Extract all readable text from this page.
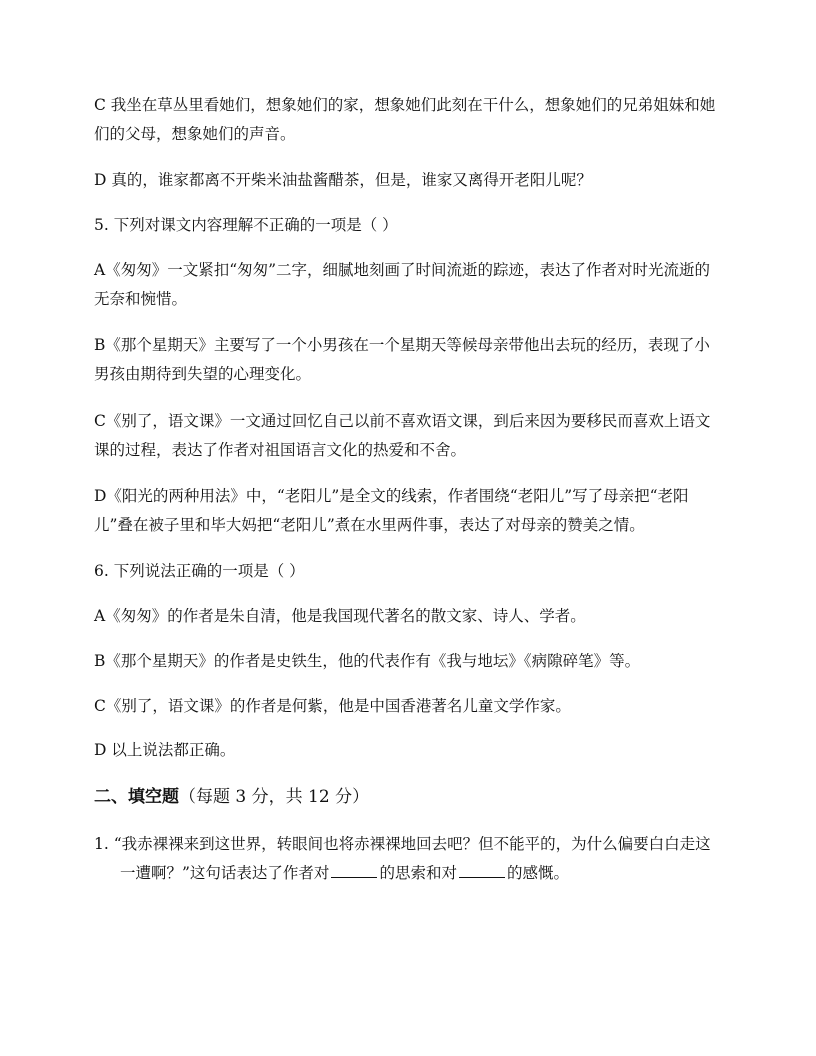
C 我坐在草丛里看她们，想象她们的家，想象她们此刻在干什么，想象她们的兄弟姐妹和她们的父母，想象她们的声音。

D 真的，谁家都离不开柴米油盐酱醋茶，但是，谁家又离得开老阳儿呢？

5. 下列对课文内容理解不正确的一项是（ ）

A《匆匆》一文紧扣“匆匆”二字，细腻地刻画了时间流逝的踪迹，表达了作者对时光流逝的无奈和惋惜。

B《那个星期天》主要写了一个小男孩在一个星期天等候母亲带他出去玩的经历，表现了小男孩由期待到失望的心理变化。

C《别了，语文课》一文通过回忆自己以前不喜欢语文课，到后来因为要移民而喜欢上语文课的过程，表达了作者对祖国语言文化的热爱和不舍。

D《阳光的两种用法》中，“老阳儿”是全文的线索，作者围绕“老阳儿”写了母亲把“老阳儿”叠在被子里和毕大妈把“老阳儿”煮在水里两件事，表达了对母亲的赞美之情。

6. 下列说法正确的一项是（ ）

A《匆匆》的作者是朱自清，他是我国现代著名的散文家、诗人、学者。

B《那个星期天》的作者是史铁生，他的代表作有《我与地坛》《病隙碎笔》等。

C《别了，语文课》的作者是何紫，他是中国香港著名儿童文学作家。

D 以上说法都正确。

二、填空题（每题 3 分，共 12 分）

1. “我赤裸裸来到这世界，转眼间也将赤裸裸地回去吧？但不能平的，为什么偏要白白走这一遭啊？”这句话表达了作者对	的思索和对	的感慨。
